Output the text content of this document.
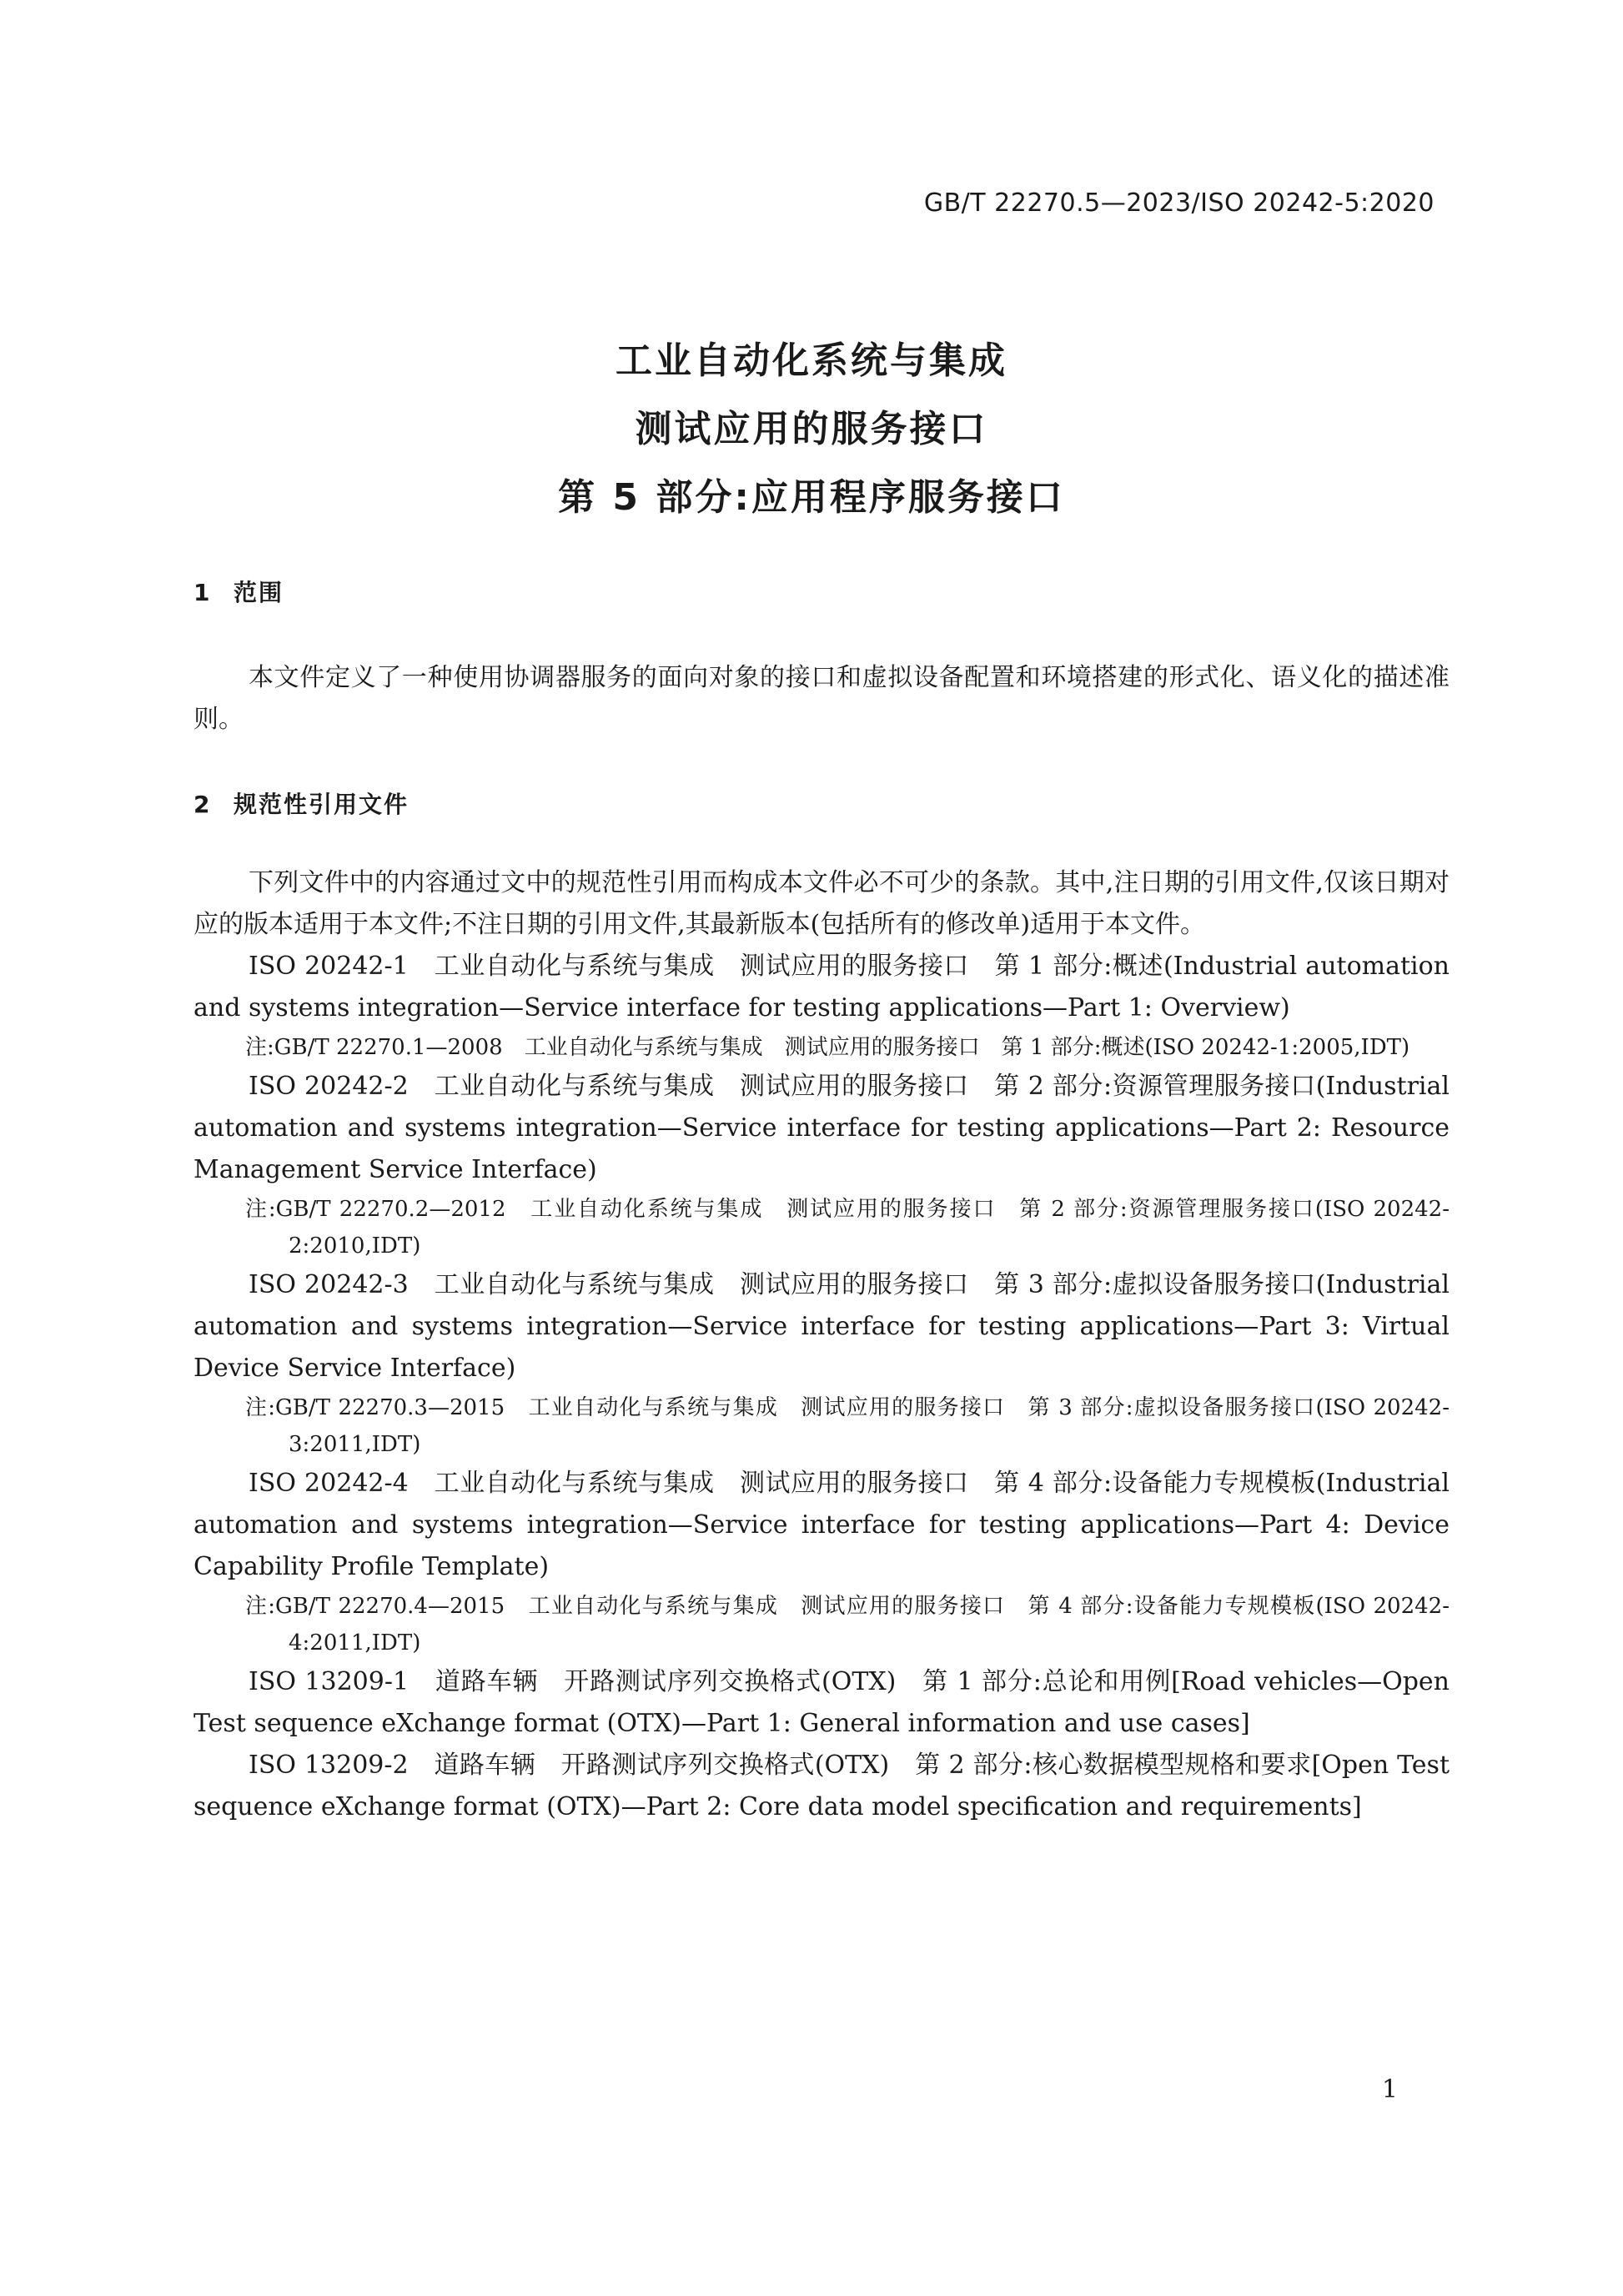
GB/T 22270.5—2023/ISO 20242-5:2020
工业自动化系统与集成
测试应用的服务接口
第 5 部分:应用程序服务接口

1 范围

本文件定义了一种使用协调器服务的面向对象的接口和虚拟设备配置和环境搭建的形式化、语义化的描述准则。

2 规范性引用文件

下列文件中的内容通过文中的规范性引用而构成本文件必不可少的条款。其中,注日期的引用文件,仅该日期对应的版本适用于本文件;不注日期的引用文件,其最新版本(包括所有的修改单)适用于本文件。

ISO 20242-1　工业自动化与系统与集成　测试应用的服务接口　第 1 部分:概述(Industrial automation and systems integration—Service interface for testing applications—Part 1: Overview)

注:GB/T 22270.1—2008　工业自动化与系统与集成　测试应用的服务接口　第 1 部分:概述(ISO 20242-1:2005,IDT)

ISO 20242-2　工业自动化与系统与集成　测试应用的服务接口　第 2 部分:资源管理服务接口(Industrial automation and systems integration—Service interface for testing applications—Part 2: Resource Management Service Interface)

注:GB/T 22270.2—2012　工业自动化系统与集成　测试应用的服务接口　第 2 部分:资源管理服务接口(ISO 20242-2:2010,IDT)

ISO 20242-3　工业自动化与系统与集成　测试应用的服务接口　第 3 部分:虚拟设备服务接口(Industrial automation and systems integration—Service interface for testing applications—Part 3: Virtual Device Service Interface)

注:GB/T 22270.3—2015　工业自动化与系统与集成　测试应用的服务接口　第 3 部分:虚拟设备服务接口(ISO 20242-3:2011,IDT)

ISO 20242-4　工业自动化与系统与集成　测试应用的服务接口　第 4 部分:设备能力专规模板(Industrial automation and systems integration—Service interface for testing applications—Part 4: Device Capability Profile Template)

注:GB/T 22270.4—2015　工业自动化与系统与集成　测试应用的服务接口　第 4 部分:设备能力专规模板(ISO 20242-4:2011,IDT)

ISO 13209-1　道路车辆　开路测试序列交换格式(OTX)　第 1 部分:总论和用例[Road vehicles—Open Test sequence eXchange format (OTX)—Part 1: General information and use cases]

ISO 13209-2　道路车辆　开路测试序列交换格式(OTX)　第 2 部分:核心数据模型规格和要求[Open Test sequence eXchange format (OTX)—Part 2: Core data model specification and requirements]

1
